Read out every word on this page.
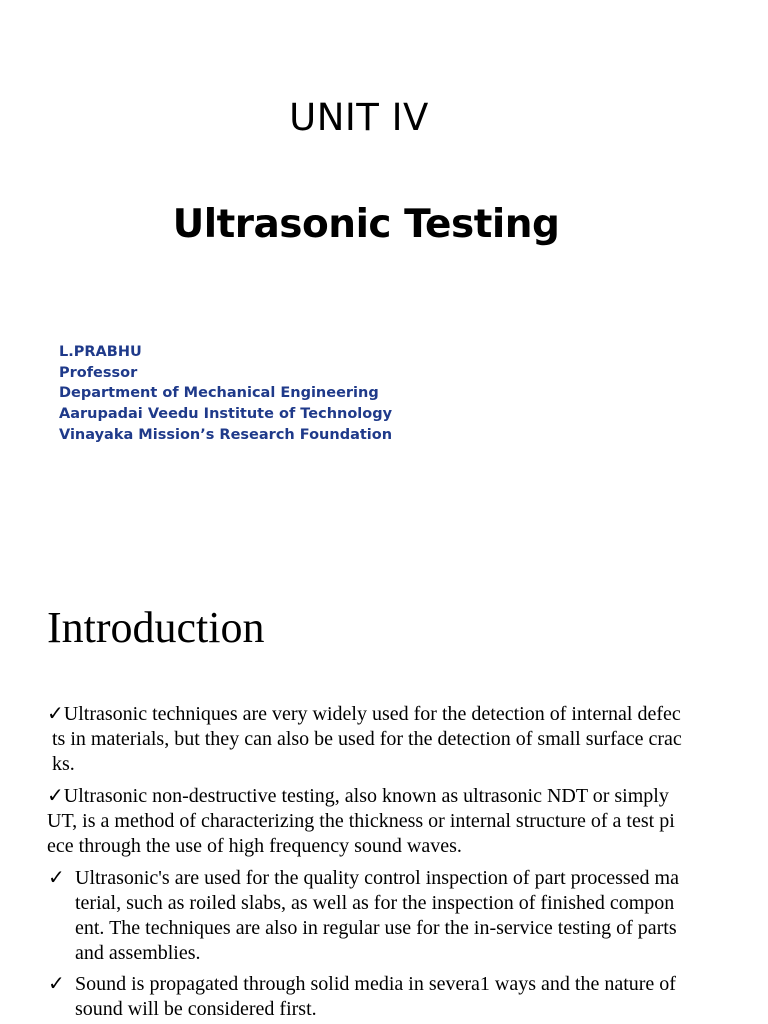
UNIT IV
Ultrasonic Testing
L.PRABHU
Professor
Department of Mechanical Engineering
Aarupadai Veedu Institute of Technology
Vinayaka Mission’s Research Foundation
Introduction
✓Ultrasonic techniques are very widely used for the detection of internal defec
ts in materials, but they can also be used for the detection of small surface crac
ks.
✓Ultrasonic non-destructive testing, also known as ultrasonic NDT or simply
UT, is a method of characterizing the thickness or internal structure of a test pi
ece through the use of high frequency sound waves.
✓ Ultrasonic's are used for the quality control inspection of part processed ma
terial, such as roiled slabs, as well as for the inspection of finished compon
ent. The techniques are also in regular use for the in-service testing of parts
and assemblies.
✓ Sound is propagated through solid media in severa1 ways and the nature of
sound will be considered first.
